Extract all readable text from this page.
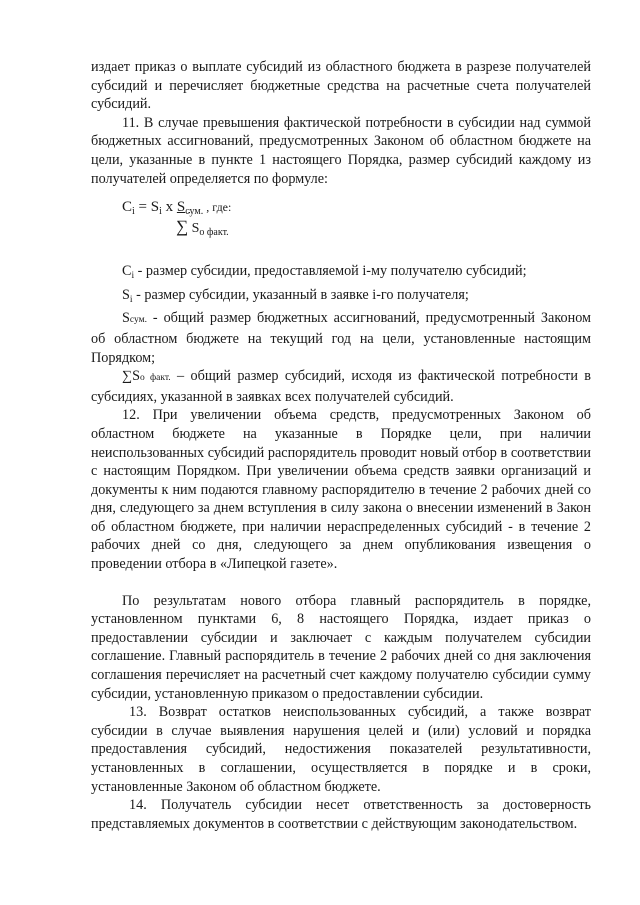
издает приказ о выплате субсидий из областного бюджета в разрезе получателей субсидий и перечисляет бюджетные средства на расчетные счета получателей субсидий.

11. В случае превышения фактической потребности в субсидии над суммой бюджетных ассигнований, предусмотренных Законом об областном бюджете на цели, указанные в пункте 1 настоящего Порядка, размер субсидий каждому из получателей определяется по формуле:

$C_i = S_i$ x $S_{сум.}$ , где:
∑ $S_{о факт.}$

$C_i$ - размер субсидии, предоставляемой i-му получателю субсидий;

$S_i$ - размер субсидии, указанный в заявке i-го получателя;

Sсум. - общий размер бюджетных ассигнований, предусмотренный Законом об областном бюджете на текущий год на цели, установленные настоящим Порядком;

∑Sо факт. – общий размер субсидий, исходя из фактической потребности в субсидиях, указанной в заявках всех получателей субсидий.

12. При увеличении объема средств, предусмотренных Законом об областном бюджете на указанные в Порядке цели, при наличии неиспользованных субсидий распорядитель проводит новый отбор в соответствии с настоящим Порядком. При увеличении объема средств заявки организаций и документы к ним подаются главному распорядителю в течение 2 рабочих дней со дня, следующего за днем вступления в силу закона о внесении изменений в Закон об областном бюджете, при наличии нераспределенных субсидий - в течение 2 рабочих дней со дня, следующего за днем опубликования извещения о проведении отбора в «Липецкой газете».

По результатам нового отбора главный распорядитель в порядке, установленном пунктами 6, 8 настоящего Порядка, издает приказ о предоставлении субсидии и заключает с каждым получателем субсидии соглашение. Главный распорядитель в течение 2 рабочих дней со дня заключения соглашения перечисляет на расчетный счет каждому получателю субсидии сумму субсидии, установленную приказом о предоставлении субсидии.

13. Возврат остатков неиспользованных субсидий, а также возврат субсидии в случае выявления нарушения целей и (или) условий и порядка предоставления субсидий, недостижения показателей результативности, установленных в соглашении, осуществляется в порядке и в сроки, установленные Законом об областном бюджете.

14. Получатель субсидии несет ответственность за достоверность представляемых документов в соответствии с действующим законодательством.
